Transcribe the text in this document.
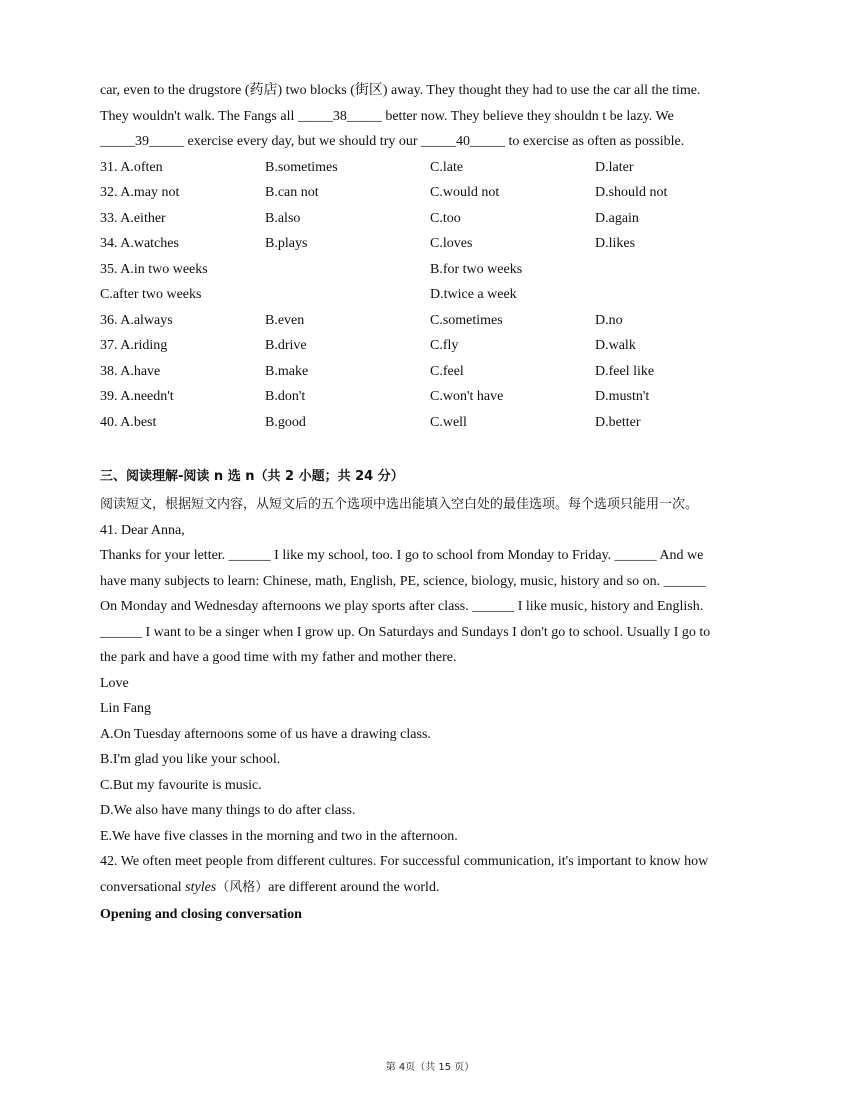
car, even to the drugstore (药店) two blocks (街区) away. They thought they had to use the car all the time.
They wouldn't walk. The Fangs all _____38_____ better now. They believe they shouldn t be lazy. We
_____39_____ exercise every day, but we should try our _____40_____ to exercise as often as possible.
31. A.often	B.sometimes	C.late	D.later
32. A.may not	B.can not	C.would not	D.should not
33. A.either	B.also	C.too	D.again
34. A.watches	B.plays	C.loves	D.likes
35. A.in two weeks	B.for two weeks
C.after two weeks	D.twice a week
36. A.always	B.even	C.sometimes	D.no
37. A.riding	B.drive	C.fly	D.walk
38. A.have	B.make	C.feel	D.feel like
39. A.needn't	B.don't	C.won't have	D.mustn't
40. A.best	B.good	C.well	D.better
三、阅读理解-阅读 n 选 n（共 2 小题；共 24 分）
阅读短文，根据短文内容，从短文后的五个选项中选出能填入空白处的最佳选项。每个选项只能用一次。
41. Dear Anna,
Thanks for your letter. ______ I like my school, too. I go to school from Monday to Friday. ______ And we
have many subjects to learn: Chinese, math, English, PE, science, biology, music, history and so on. ______
On Monday and Wednesday afternoons we play sports after class. ______ I like music, history and English.
______ I want to be a singer when I grow up. On Saturdays and Sundays I don't go to school. Usually I go to
the park and have a good time with my father and mother there.
Love
Lin Fang
A.On Tuesday afternoons some of us have a drawing class.
B.I'm glad you like your school.
C.But my favourite is music.
D.We also have many things to do after class.
E.We have five classes in the morning and two in the afternoon.
42. We often meet people from different cultures. For successful communication, it's important to know how
conversational styles（风格）are different around the world.
Opening and closing conversation
第 4页（共 15 页）
